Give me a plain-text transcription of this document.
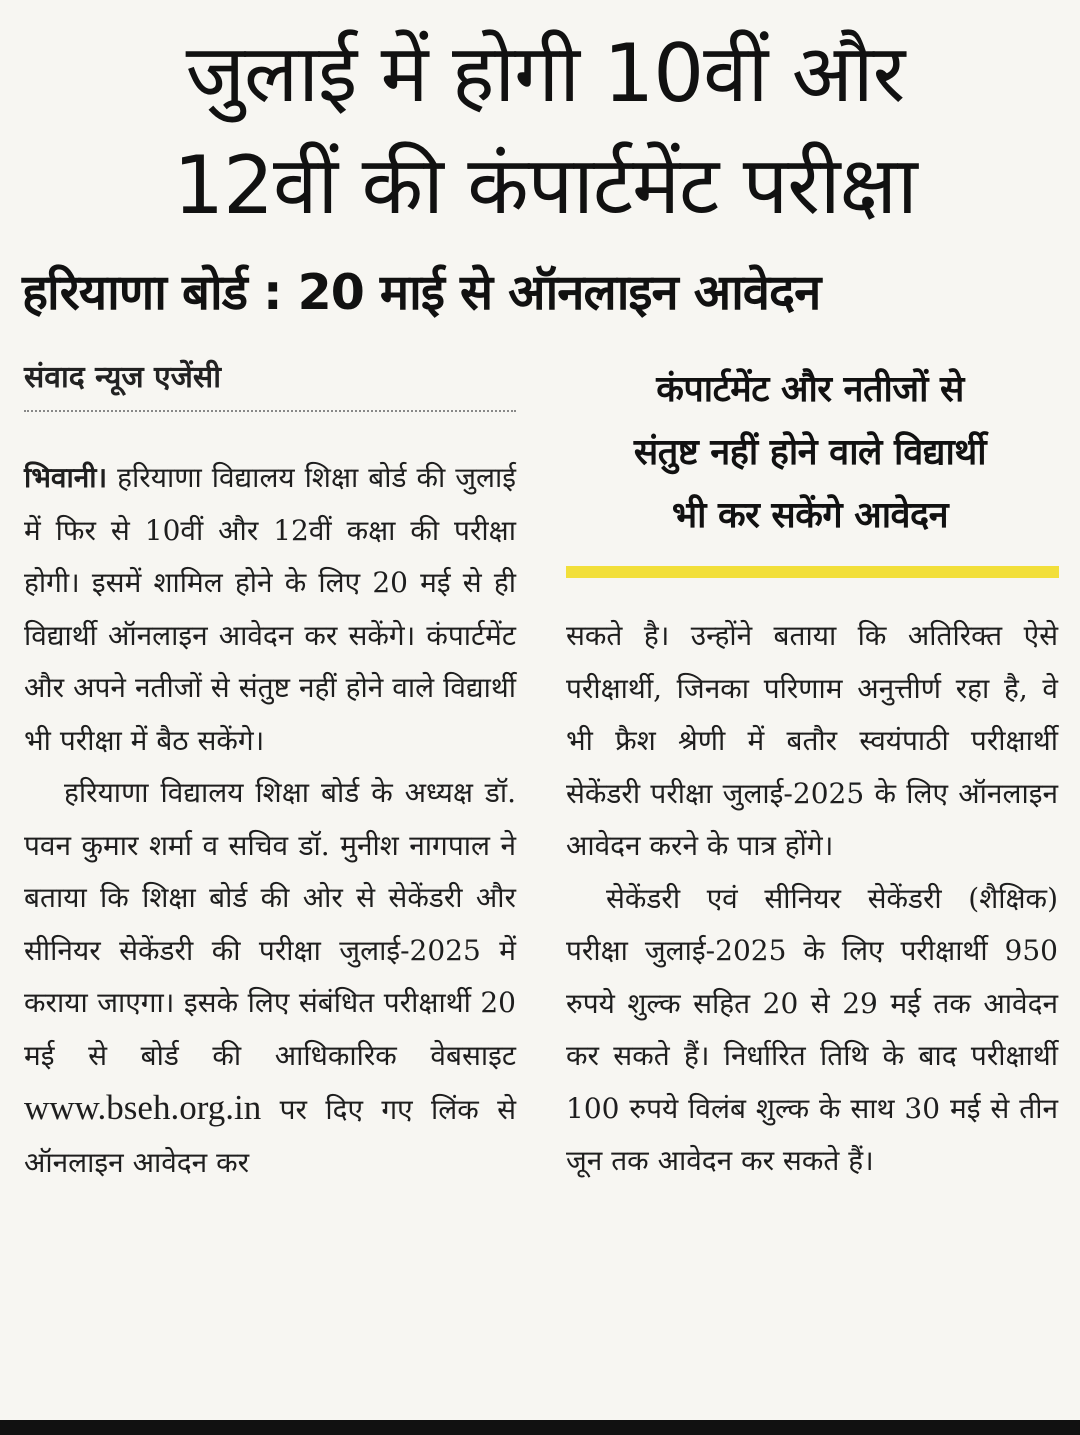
जुलाई में होगी 10वीं और
12वीं की कंपार्टमेंट परीक्षा
हरियाणा बोर्ड : 20 माई से ऑनलाइन आवेदन
संवाद न्यूज एजेंसी	कंपार्टमेंट और नतीजों से
संतुष्ट नहीं होने वाले विद्यार्थी
भी कर सकेंगे आवेदन

भिवानी। हरियाणा विद्यालय शिक्षा बोर्ड की जुलाई में फिर से 10वीं और 12वीं कक्षा की परीक्षा होगी। इसमें शामिल होने के लिए 20 मई से ही विद्यार्थी ऑनलाइन आवेदन कर सकेंगे। कंपार्टमेंट और अपने नतीजों से संतुष्ट नहीं होने वाले विद्यार्थी भी परीक्षा में बैठ सकेंगे।

हरियाणा विद्यालय शिक्षा बोर्ड के अध्यक्ष डॉ. पवन कुमार शर्मा व सचिव डॉ. मुनीश नागपाल ने बताया कि शिक्षा बोर्ड की ओर से सेकेंडरी और सीनियर सेकेंडरी की परीक्षा जुलाई-2025 में कराया जाएगा। इसके लिए संबंधित परीक्षार्थी 20 मई से बोर्ड की आधिकारिक वेबसाइट www.bseh.org.in पर दिए गए लिंक से ऑनलाइन आवेदन कर

सकते है। उन्होंने बताया कि अतिरिक्त ऐसे परीक्षार्थी, जिनका परिणाम अनुत्तीर्ण रहा है, वे भी फ्रैश श्रेणी में बतौर स्वयंपाठी परीक्षार्थी सेकेंडरी परीक्षा जुलाई-2025 के लिए ऑनलाइन आवेदन करने के पात्र होंगे।

सेकेंडरी एवं सीनियर सेकेंडरी (शैक्षिक) परीक्षा जुलाई-2025 के लिए परीक्षार्थी 950 रुपये शुल्क सहित 20 से 29 मई तक आवेदन कर सकते हैं। निर्धारित तिथि के बाद परीक्षार्थी 100 रुपये विलंब शुल्क के साथ 30 मई से तीन जून तक आवेदन कर सकते हैं।
